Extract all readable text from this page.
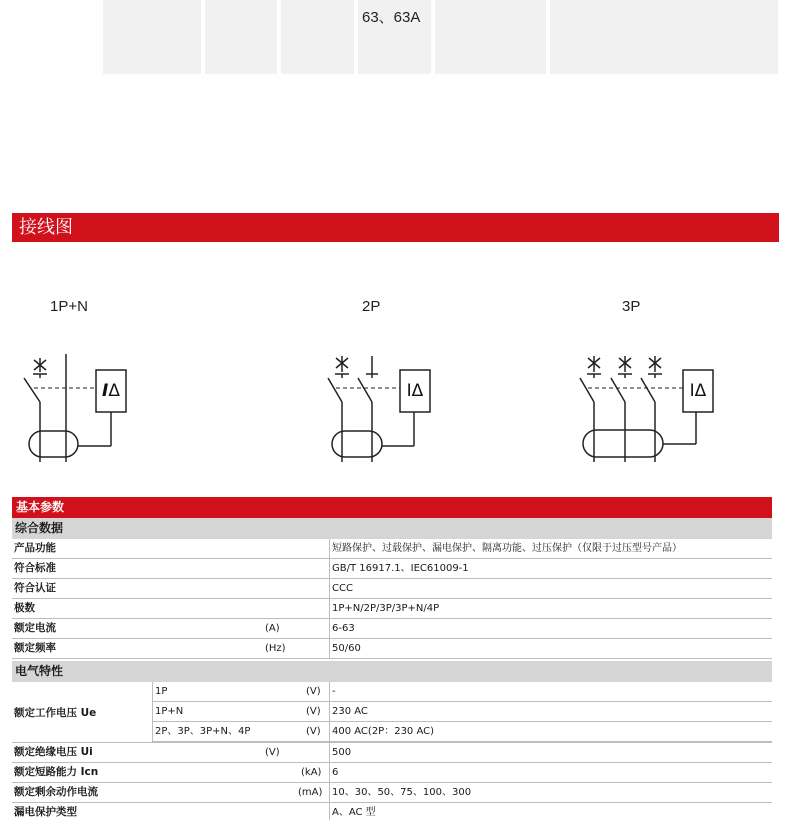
63、63A
接线图
1P+N	2P	3P
IΔ	IΔ	IΔ
基本参数
综合数据
产品功能	短路保护、过载保护、漏电保护、隔离功能、过压保护（仅限于过压型号产品）
符合标准	GB/T 16917.1、IEC61009-1
符合认证	CCC
极数	1P+N/2P/3P/3P+N/4P
额定电流	(A)	6-63
额定频率	(Hz)	50/60
电气特性
额定工作电压 Ue
1P	(V) -
1P+N	(V) 230 AC
2P、3P、3P+N、4P	(V) 400 AC(2P：230 AC)
额定绝缘电压 Ui	(V)	500
额定短路能力 Icn	(kA) 6
额定剩余动作电流	(mA) 10、30、50、75、100、300
漏电保护类型	A、AC 型
